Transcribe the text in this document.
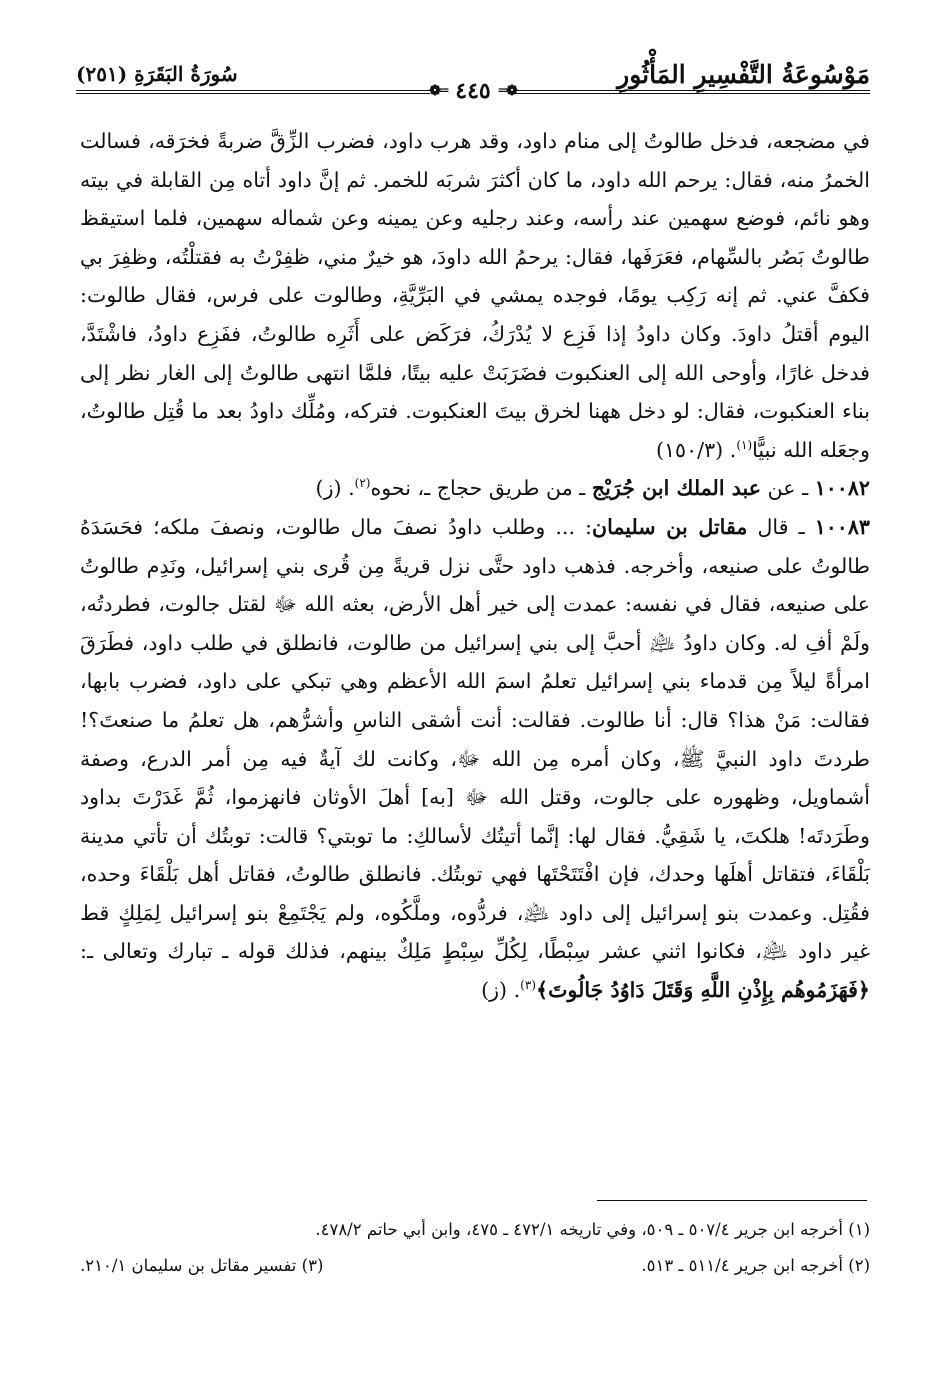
مَوْسُوعَةُ التَّفْسِيرِ المَأْثُورِ
❁═
٤٤٥
═❁
سُورَةُ البَقَرَةِ (٢٥١)

في مضجعه، فدخل طالوتُ إلى منام داود، وقد هرب داود، فضرب الزِّقَّ ضربةً فخرَقه، فسالت الخمرُ منه، فقال: يرحم الله داود، ما كان أكثرَ شربَه للخمر. ثم إنَّ داود أتاه مِن القابلة في بيته وهو نائم، فوضع سهمين عند رأسه، وعند رجليه وعن يمينه وعن شماله سهمين، فلما استيقظ طالوتُ بَصُر بالسِّهام، فعَرَفَها، فقال: يرحمُ الله داودَ، هو خيرٌ مني، ظفِرْتُ به فقتلْتُه، وظفِرَ بي فكفَّ عني. ثم إنه رَكِب يومًا، فوجده يمشي في البَرِّيَّةِ، وطالوت على فرس، فقال طالوت: اليوم أقتلُ داودَ. وكان داودُ إذا فَزِع لا يُدْرَكُ، فرَكَض على أَثَرِه طالوتُ، ففَزِع داودُ، فاشْتَدَّ، فدخل غارًا، وأوحى الله إلى العنكبوت فضَرَبَتْ عليه بيتًا، فلمَّا انتهى طالوتُ إلى الغار نظر إلى بناء العنكبوت، فقال: لو دخل ههنا لخرق بيتَ العنكبوت. فتركه، ومُلِّك داودُ بعد ما قُتِل طالوتُ، وجعَله الله نبيًّا$^{(١)}$. (١٥٠/٣)

١٠٠٨٢ ـ عن عبد الملك ابن جُرَيْج ـ من طريق حجاج ـ، نحوه$^{(٢)}$. (ز)

١٠٠٨٣ ـ قال مقاتل بن سليمان: ... وطلب داودُ نصفَ مال طالوت، ونصفَ ملكه؛ فحَسَدَهُ طالوتُ على صنيعه، وأخرجه. فذهب داود حتَّى نزل قريةً مِن قُرى بني إسرائيل، ونَدِم طالوتُ على صنيعه، فقال في نفسه: عمدت إلى خير أهل الأرض، بعثه الله ﷻ لقتل جالوت، فطردتُه، ولَمْ أفِ له. وكان داودُ ﵇ أحبَّ إلى بني إسرائيل من طالوت، فانطلق في طلب داود، فطَرَقَ امرأةً ليلاً مِن قدماء بني إسرائيل تعلمُ اسمَ الله الأعظم وهي تبكي على داود، فضرب بابها، فقالت: مَنْ هذا؟ قال: أنا طالوت. فقالت: أنت أشقى الناسِ وأشرُّهم، هل تعلمُ ما صنعتَ؟! طردتَ داود النبيَّ ﷺ، وكان أمره مِن الله ﷻ، وكانت لك آيةٌ فيه مِن أمر الدرع، وصفة أشماويل، وظهوره على جالوت، وقتل الله ﷻ [به] أهلَ الأوثان فانهزموا، ثُمَّ غَدَرْتَ بداود وطَرَدتَه! هلكتَ، يا شَقِيُّ. فقال لها: إنَّما أتيتُك لأسالكِ: ما توبتي؟ قالت: توبتُك أن تأتي مدينة بَلْقَاءَ، فتقاتل أهلَها وحدك، فإن افْتَتَحْتَها فهي توبتُك. فانطلق طالوتُ، فقاتل أهل بَلْقَاءَ وحده، فقُتِل. وعمدت بنو إسرائيل إلى داود ﵇، فردُّوه، وملَّكُوه، ولم يَجْتَمِعْ بنو إسرائيل لِمَلِكٍ قط غير داود ﵇، فكانوا اثني عشر سِبْطًا، لِكُلِّ سِبْطٍ مَلِكٌ بينهم، فذلك قوله ـ تبارك وتعالى ـ: ﴿فَهَزَمُوهُم بِإِذْنِ اللَّهِ وَقَتَلَ دَاوُدُ جَالُوتَ﴾$^{(٣)}$. (ز)

(١) أخرجه ابن جرير ٥٠٧/٤ ـ ٥٠٩، وفي تاريخه ٤٧٢/١ ـ ٤٧٥، وابن أبي حاتم ٤٧٨/٢.
(٢) أخرجه ابن جرير ٥١١/٤ ـ ٥١٣.
(٣) تفسير مقاتل بن سليمان ٢١٠/١.
